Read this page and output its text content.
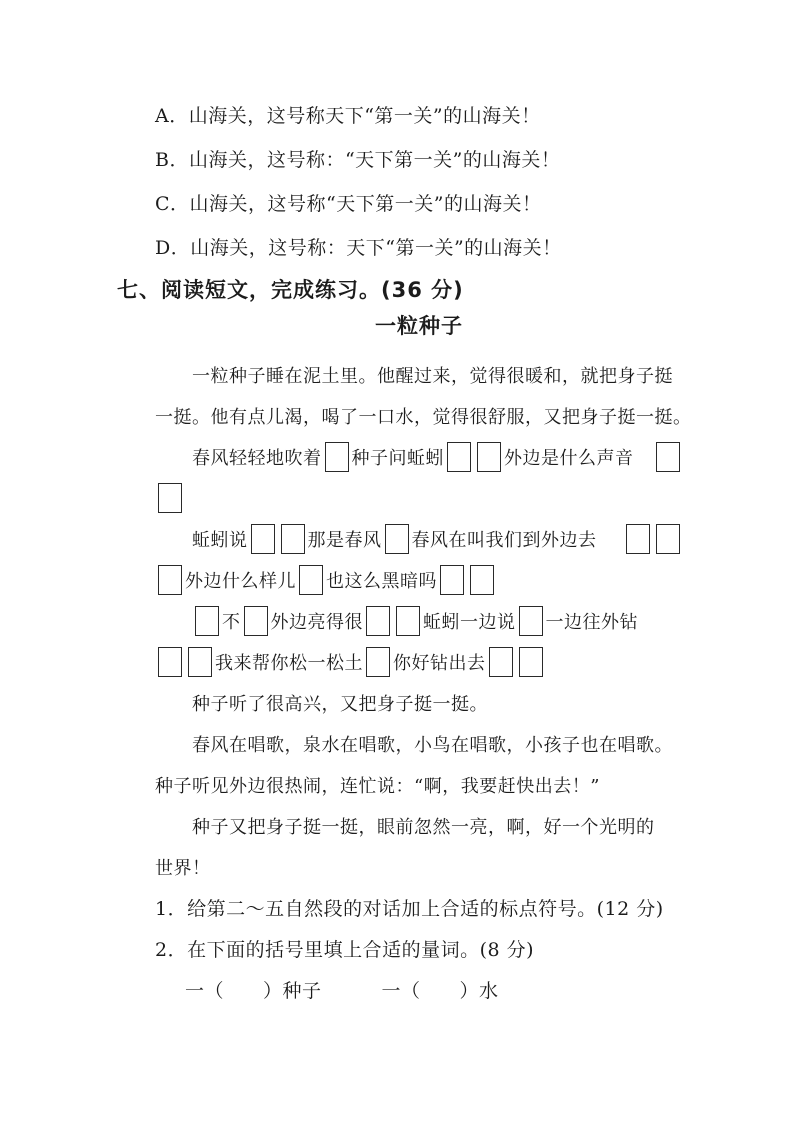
A．山海关，这号称天下“第一关”的山海关！
B．山海关，这号称：“天下第一关”的山海关！
C．山海关，这号称“天下第一关”的山海关！
D．山海关，这号称：天下“第一关”的山海关！
七、阅读短文，完成练习。(36 分)
一粒种子
一粒种子睡在泥土里。他醒过来，觉得很暖和，就把身子挺
一挺。他有点儿渴，喝了一口水，觉得很舒服，又把身子挺一挺。
春风轻轻地吹着 种子问蚯蚓	外边是什么声音
蚯蚓说	那是春风 春风在叫我们到外边去
外边什么样儿 也这么黑暗吗
不 外边亮得很	蚯蚓一边说 一边往外钻
我来帮你松一松土 你好钻出去
种子听了很高兴，又把身子挺一挺。
春风在唱歌，泉水在唱歌，小鸟在唱歌，小孩子也在唱歌。
种子听见外边很热闹，连忙说：“啊，我要赶快出去！”
种子又把身子挺一挺，眼前忽然一亮，啊，好一个光明的
世界！
1．给第二～五自然段的对话加上合适的标点符号。(12 分)
2．在下面的括号里填上合适的量词。(8 分)
一（　　）种子	一（　　）水
